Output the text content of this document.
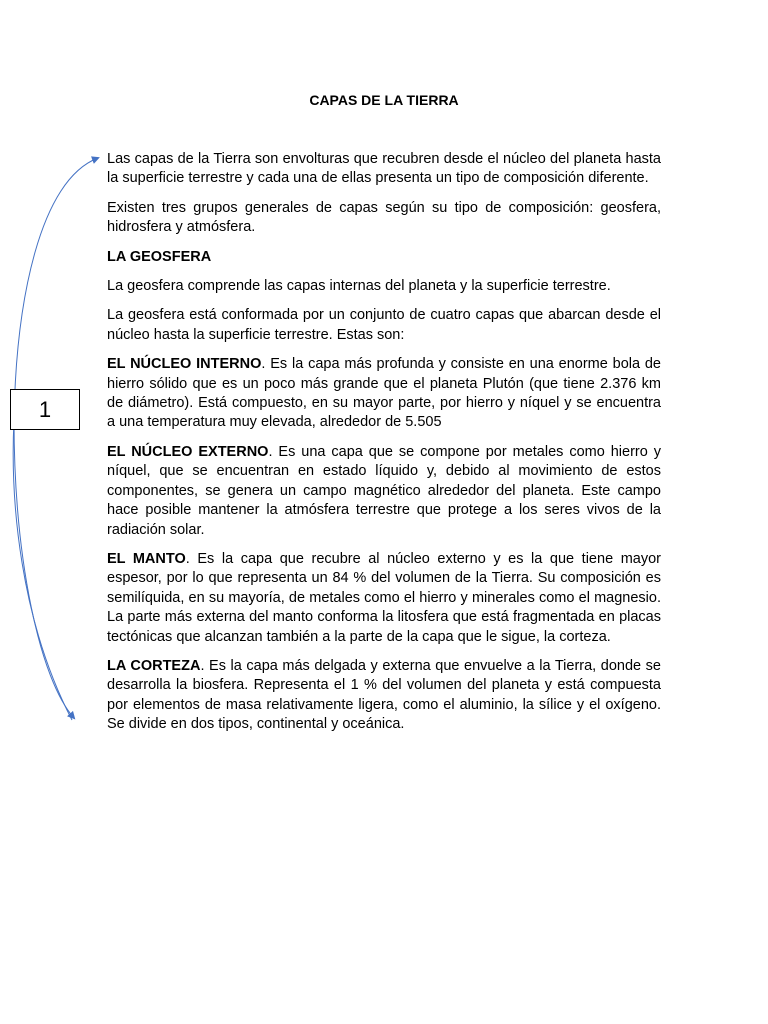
CAPAS DE LA TIERRA
1

Las capas de la Tierra son envolturas que recubren desde el núcleo del planeta hasta la superficie terrestre y cada una de ellas presenta un tipo de composición diferente.

Existen tres grupos generales de capas según su tipo de composición: geosfera, hidrosfera y atmósfera.

LA GEOSFERA

La geosfera comprende las capas internas del planeta y la superficie terrestre.

La geosfera está conformada por un conjunto de cuatro capas que abarcan desde el núcleo hasta la superficie terrestre. Estas son:

EL NÚCLEO INTERNO. Es la capa más profunda y consiste en una enorme bola de hierro sólido que es un poco más grande que el planeta Plutón (que tiene 2.376 km de diámetro). Está compuesto, en su mayor parte, por hierro y níquel y se encuentra a una temperatura muy elevada, alrededor de 5.505

EL NÚCLEO EXTERNO. Es una capa que se compone por metales como hierro y níquel, que se encuentran en estado líquido y, debido al movimiento de estos componentes, se genera un campo magnético alrededor del planeta. Este campo hace posible mantener la atmósfera terrestre que protege a los seres vivos de la radiación solar.

EL MANTO. Es la capa que recubre al núcleo externo y es la que tiene mayor espesor, por lo que representa un 84 % del volumen de la Tierra. Su composición es semilíquida, en su mayoría, de metales como el hierro y minerales como el magnesio. La parte más externa del manto conforma la litosfera que está fragmentada en placas tectónicas que alcanzan también a la parte de la capa que le sigue, la corteza.

LA CORTEZA. Es la capa más delgada y externa que envuelve a la Tierra, donde se desarrolla la biosfera. Representa el 1 % del volumen del planeta y está compuesta por elementos de masa relativamente ligera, como el aluminio, la sílice y el oxígeno. Se divide en dos tipos, continental y oceánica.
